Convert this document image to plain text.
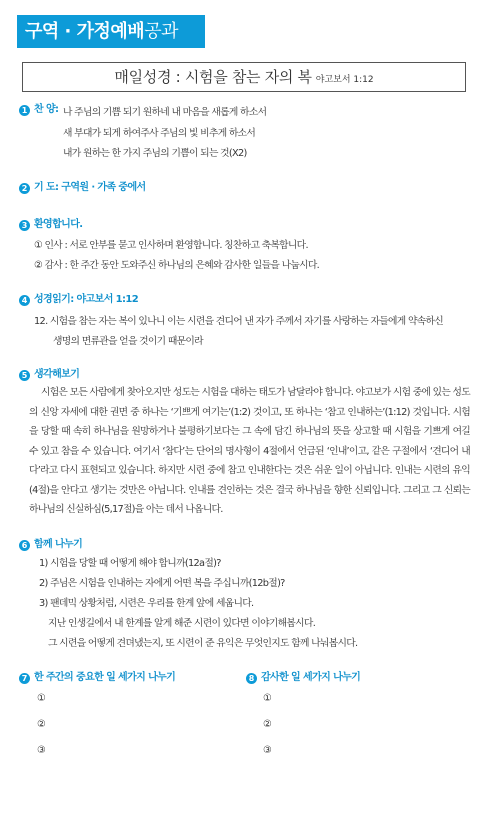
구역 · 가정예배공과
매일성경 : 시험을 참는 자의 복 야고보서 1:12
1 찬 양: 나 주님의 기쁨 되기 원하네 내 마음을 새롭게 하소서
새 부대가 되게 하여주사 주님의 빛 비추게 하소서
내가 원하는 한 가지 주님의 기쁨이 되는 것(X2)
2 기 도: 구역원 · 가족 중에서
3 환영합니다.
① 인사 : 서로 안부를 묻고 인사하며 환영합니다. 칭찬하고 축복합니다.
② 감사 : 한 주간 동안 도와주신 하나님의 은혜와 감사한 일들을 나눕시다.
4 성경읽기: 야고보서 1:12
12. 시험을 참는 자는 복이 있나니 이는 시련을 견디어 낸 자가 주께서 자기를 사랑하는 자들에게 약속하신
생명의 면류관을 얻을 것이기 때문이라
5 생각해보기
시험은 모든 사람에게 찾아오지만 성도는 시험을 대하는 태도가 남달라야 합니다. 야고보가 시험 중에 있는 성도의 신앙 자세에 대한 권면 중 하나는 ‘기쁘게 여기는’(1:2) 것이고, 또 하나는 ‘참고 인내하는’(1:12) 것입니다. 시험을 당할 때 속히 하나님을 원망하거나 불평하기보다는 그 속에 담긴 하나님의 뜻을 상고할 때 시험을 기쁘게 여길 수 있고 참을 수 있습니다. 여기서 ‘참다’는 단어의 명사형이 4절에서 언급된 ‘인내’이고, 같은 구절에서 ‘견디어 내다’라고 다시 표현되고 있습니다. 하지만 시련 중에 참고 인내한다는 것은 쉬운 일이 아닙니다. 인내는 시련의 유익(4절)을 안다고 생기는 것만은 아닙니다. 인내를 견인하는 것은 결국 하나님을 향한 신뢰입니다. 그리고 그 신뢰는 하나님의 신실하심(5,17절)을 아는 데서 나옵니다.
6 함께 나누기
1) 시험을 당할 때 어떻게 해야 합니까(12a절)?
2) 주님은 시험을 인내하는 자에게 어떤 복을 주십니까(12b절)?
3) 팬데믹 상황처럼, 시련은 우리를 한계 앞에 세웁니다.
지난 인생길에서 내 한계를 알게 해준 시련이 있다면 이야기해봅시다.
그 시련을 어떻게 견뎌냈는지, 또 시련이 준 유익은 무엇인지도 함께 나눠봅시다.
7 한 주간의 중요한 일 세가지 나누기
①
②
③
8 감사한 일 세가지 나누기
①
②
③
